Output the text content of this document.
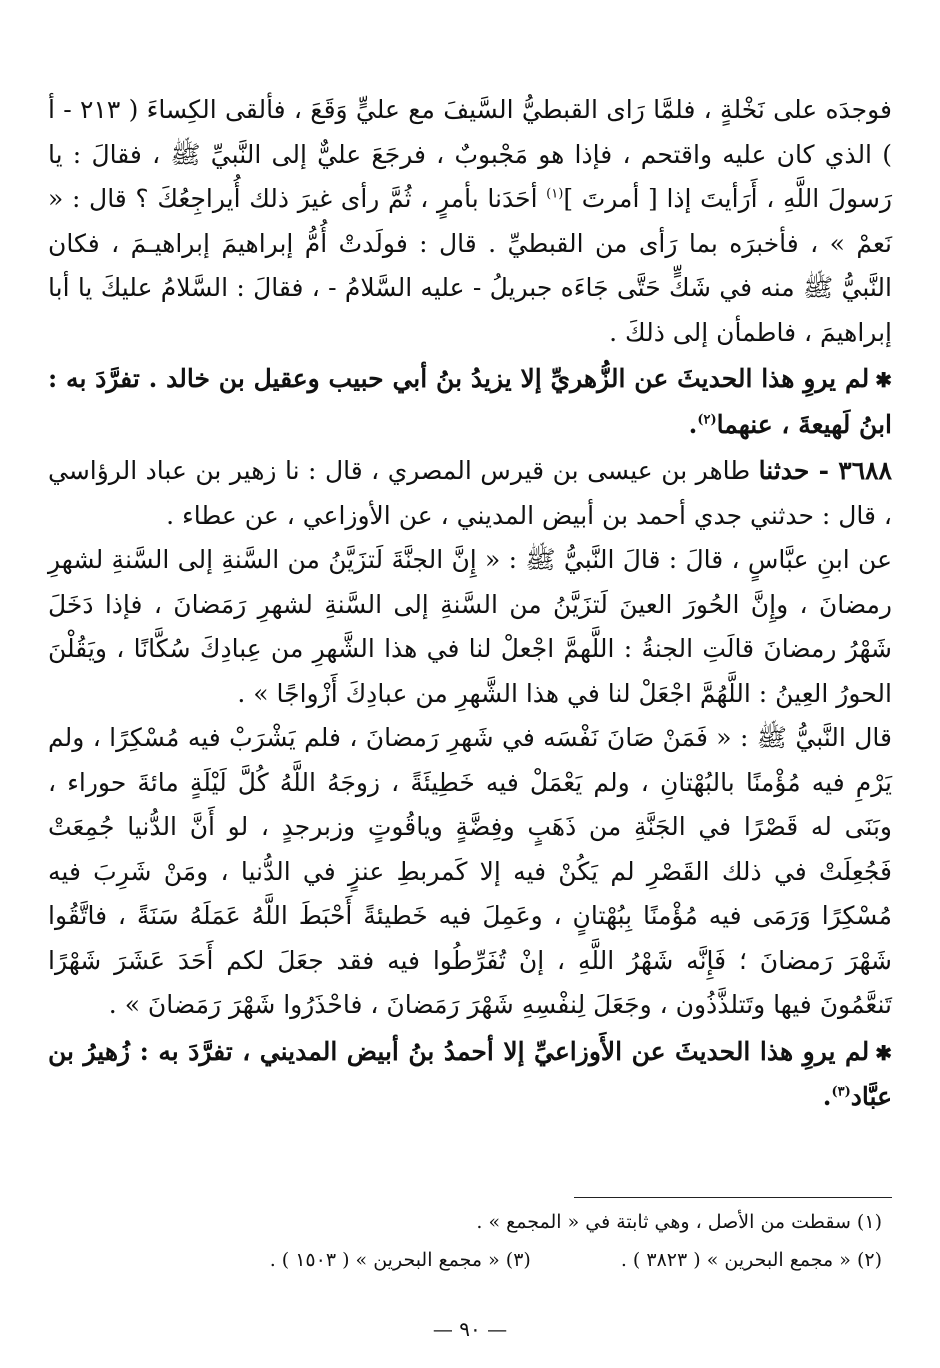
فوجدَه على نَخْلةٍ ، فلمَّا رَاى القبطيُّ السَّيفَ مع عليٍّ وَقَعَ ، فألقى الكِساءَ ( ٢١٣ - أ ) الذي كان عليه واقتحم ، فإذا هو مَجْبوبٌ ، فرجَعَ عليٌّ إلى النَّبيِّ ﷺ ، فقالَ : يا رَسولَ اللَّهِ ، أَرَأيتَ إذا [ أمرتَ ]$^{(١)}$ أحَدَنا بأمرٍ ، ثُمَّ رأى غيرَ ذلك أُيراجِعُكَ ؟ قال : « نَعمْ » ، فأخبرَه بما رَأى من القبطيِّ . قال : فولَدتْ أُمُّ إبراهيمَ إبراهيـمَ ، فكان النَّبيُّ ﷺ منه في شَكٍّ حَتَّى جَاءَه جبريلُ - عليه السَّلامُ - ، فقالَ : السَّلامُ عليكَ يا أبا إبراهيمَ ، فاطمأن إلى ذلكَ .

✱لم يروِ هذا الحديثَ عن الزُّهريِّ إلا يزيدُ بنُ أبي حبيب وعقيل بن خالد . تفرَّدَ به : ابنُ لَهيعةَ ، عنهما$^{(٢)}$.

٣٦٨٨ - حدثنا طاهر بن عيسى بن قيرس المصري ، قال : نا زهير بن عباد الرؤاسي ، قال : حدثني جدي أحمد بن أبيض المديني ، عن الأوزاعي ، عن عطاء .

عن ابنِ عبَّاسٍ ، قالَ : قالَ النَّبيُّ ﷺ : « إِنَّ الجنَّةَ لَتزَيَّنُ من السَّنةِ إلى السَّنةِ لشهرِ رمضانَ ، وإِنَّ الحُورَ العينَ لَتزَيَّنُ من السَّنةِ إلى السَّنةِ لشهرِ رَمَضانَ ، فإذا دَخَلَ شَهْرُ رمضانَ قالَتِ الجنةُ : اللَّهمَّ اجْعلْ لنا في هذا الشَّهرِ من عِبادِكَ سُكَّانًا ، ويَقُلْنَ الحورُ العِينُ : اللَّهُمَّ اجْعَلْ لنا في هذا الشَّهرِ من عبادِكَ أَزْواجًا » .

قال النَّبيُّ ﷺ : « فَمَنْ صَانَ نَفْسَه في شَهرِ رَمضانَ ، فلم يَشْرَبْ فيه مُسْكِرًا ، ولم يَرْمِ فيه مُؤْمنًا بالبُهْتانِ ، ولم يَعْمَلْ فيه خَطِيئَةً ، زوجَهُ اللَّهُ كُلَّ لَيْلَةٍ مائةَ حوراء ، وبَنَى له قَصْرًا في الجَنَّةِ من ذَهَبٍ وفِضَّةٍ وياقُوتٍ وزبرجدٍ ، لو أَنَّ الدُّنيا جُمِعَتْ فَجُعِلَتْ في ذلك القَصْرِ لم يَكُنْ فيه إلا كَمربطِ عنزٍ في الدُّنيا ، ومَنْ شَرِبَ فيه مُسْكِرًا وَرَمَى فيه مُؤْمنًا بِبُهْتانٍ ، وعَمِلَ فيه خَطيئةً أَحْبَطَ اللَّهُ عَمَلَهُ سَنَةً ، فاتَّقُوا شَهْرَ رَمضانَ ؛ فَإِنَّه شَهْرُ اللَّهِ ، إنْ تُفَرِّطُوا فيه فقد جعَلَ لكم أَحَدَ عَشَرَ شَهْرًا تَنعَّمُونَ فيها وتَتلذَّذُون ، وجَعَلَ لِنفْسِهِ شَهْرَ رَمَضانَ ، فاحْذَرُوا شَهْرَ رَمَضانَ » .

✱لم يروِ هذا الحديثَ عن الأَوزاعيِّ إلا أحمدُ بنُ أبيض المديني ، تفرَّدَ به : زُهيرُ بن عبَّاد$^{(٣)}$.

(١) سقطت من الأصل ، وهي ثابتة في « المجمع » .
(٢) « مجمع البحرين » ( ٣٨٢٣ ) .
(٣) « مجمع البحرين » ( ١٥٠٣ ) .
— ٩٠ —
